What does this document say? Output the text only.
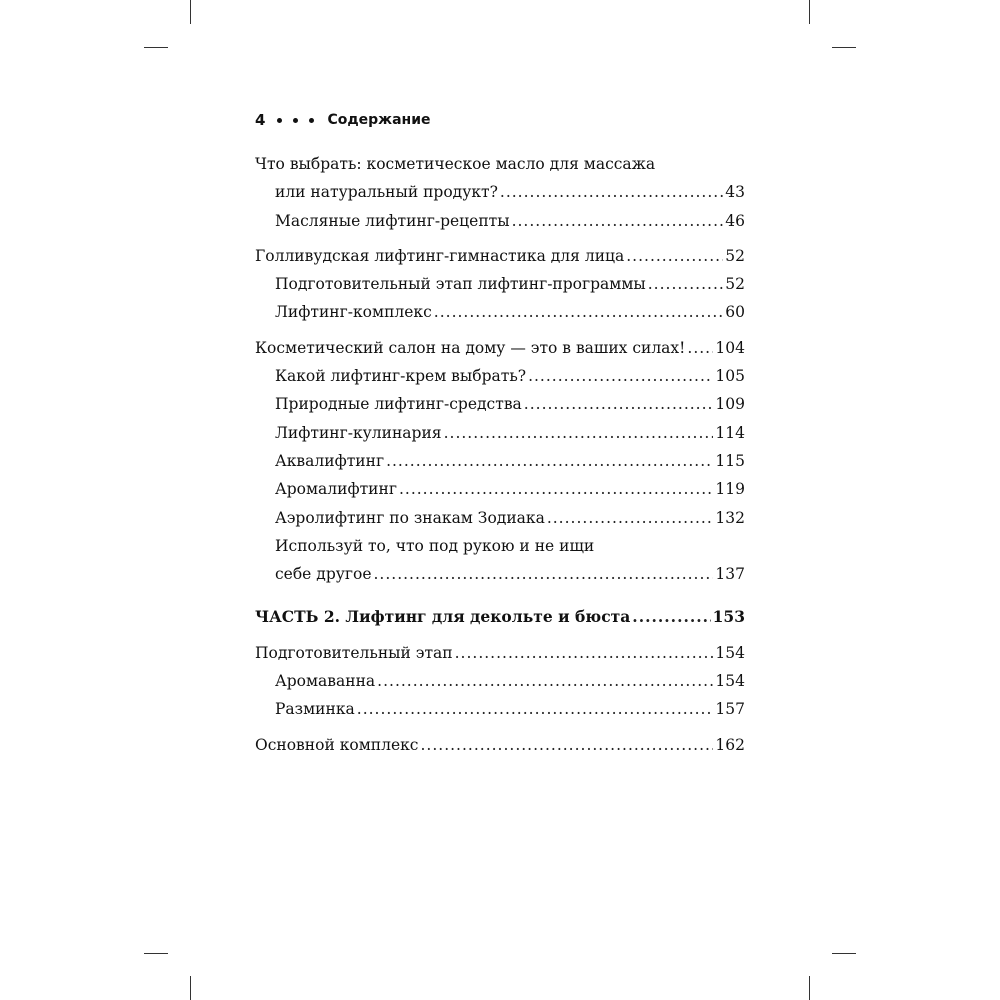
4	Содержание
Что выбрать: косметическое масло для массажа
или натуральный продукт? .....	43
Масляные лифтинг-рецепты .....	46
Голливудская лифтинг-гимнастика для лица .....	52
Подготовительный этап лифтинг-программы .....	52
Лифтинг-комплекс .....	60
Косметический салон на дому — это в ваших силах! ..... 104
Какой лифтинг-крем выбрать? .....	105
Природные лифтинг-средства .....	109
Лифтинг-кулинария .....	114
Аквалифтинг .....	115
Аромалифтинг .....	119
Аэролифтинг по знакам Зодиака .....	132
Используй то, что под рукою и не ищи
себе другое .....	137
ЧАСТЬ 2. Лифтинг для декольте и бюста .....	153
Подготовительный этап .....	154
Аромаванна .....	154
Разминка .....	157
Основной комплекс .....	162
